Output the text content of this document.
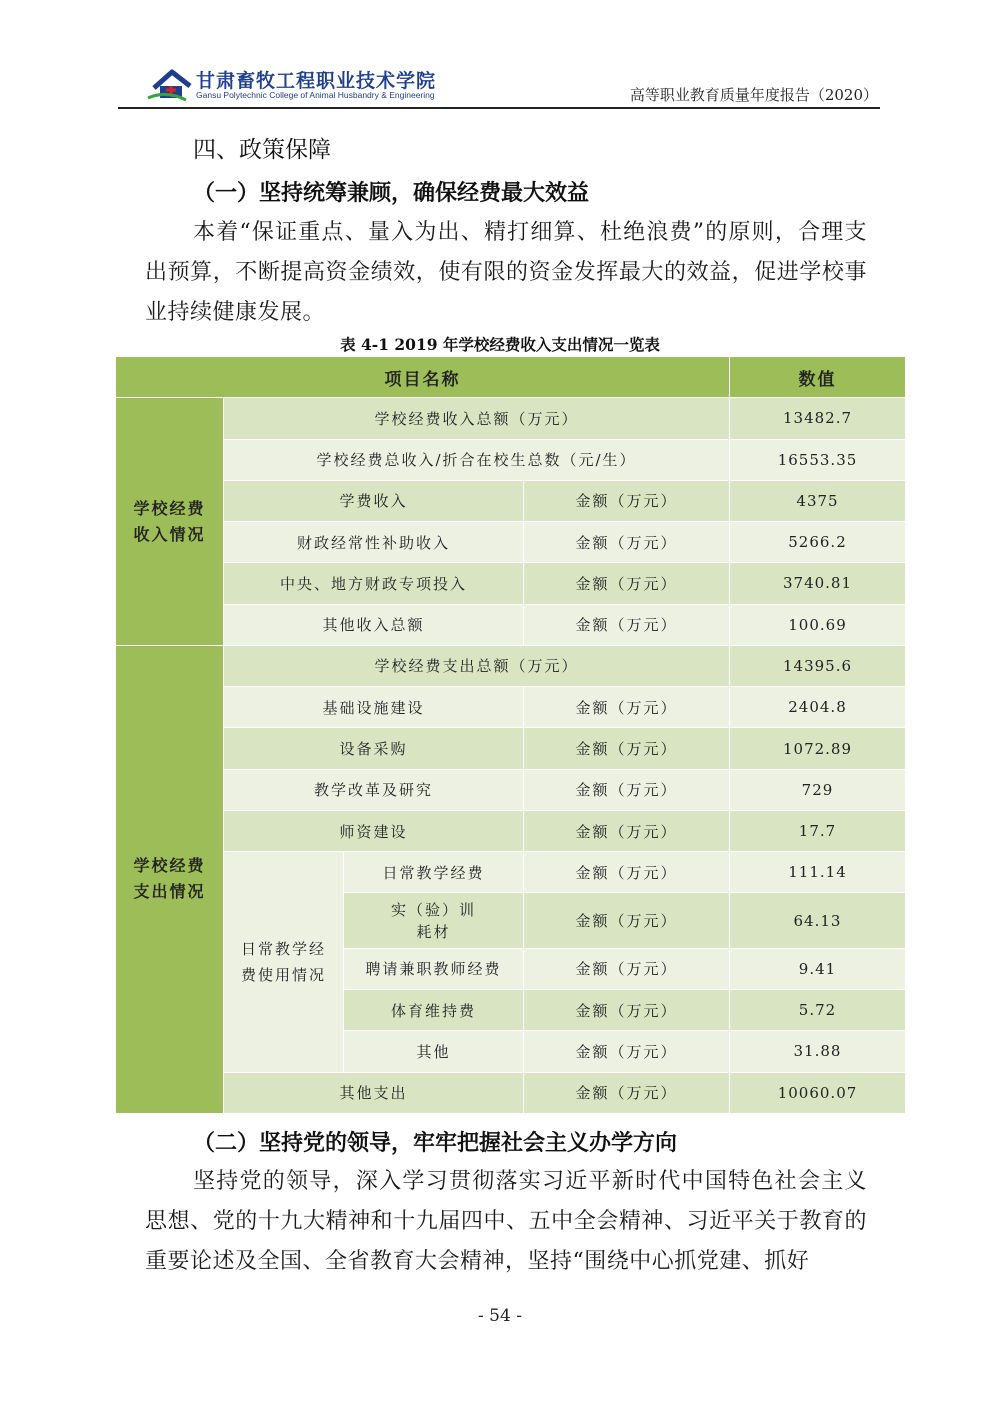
甘肃畜牧工程职业技术学院
Gansu Polytechnic College of Animal Husbandry & Engineering	高等职业教育质量年度报告（2020）
四、政策保障
（一）坚持统筹兼顾，确保经费最大效益

本着“保证重点、量入为出、精打细算、杜绝浪费”的原则，合理支出预算，不断提高资金绩效，使有限的资金发挥最大的效益，促进学校事业持续健康发展。

表 4-1 2019 年学校经费收入支出情况一览表
项目名称				数值
学校经费
收入情况	学校经费收入总额（万元）			13482.7
	学校经费总收入/折合在校生总数（元/生）			16553.35
	学费收入		金额（万元）	4375
	财政经常性补助收入		金额（万元）	5266.2
	中央、地方财政专项投入		金额（万元）	3740.81
	其他收入总额		金额（万元）	100.69
学校经费
支出情况	学校经费支出总额（万元）			14395.6
	基础设施建设		金额（万元）	2404.8
	设备采购		金额（万元）	1072.89
	教学改革及研究		金额（万元）	729
	师资建设		金额（万元）	17.7
	日常教学经
费使用情况	日常教学经费	金额（万元）	111.14
		实（验）训
耗材	金额（万元）	64.13
		聘请兼职教师经费	金额（万元）	9.41
		体育维持费	金额（万元）	5.72
		其他	金额（万元）	31.88
	其他支出		金额（万元）	10060.07
（二）坚持党的领导，牢牢把握社会主义办学方向

坚持党的领导，深入学习贯彻落实习近平新时代中国特色社会主义思想、党的十九大精神和十九届四中、五中全会精神、习近平关于教育的重要论述及全国、全省教育大会精神，坚持“围绕中心抓党建、抓好

- 54 -
